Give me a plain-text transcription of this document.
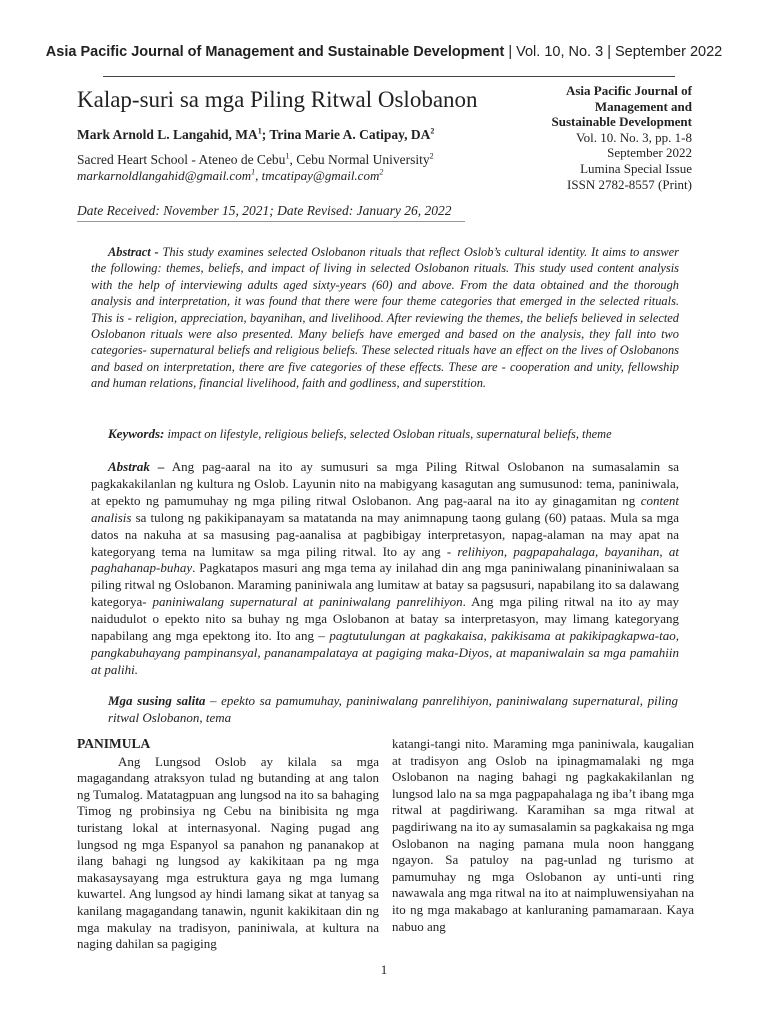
Asia Pacific Journal of Management and Sustainable Development | Vol. 10, No. 3 | September 2022
Kalap-suri sa mga Piling Ritwal Oslobanon
Mark Arnold L. Langahid, $MA^1$; Trina Marie A. Catipay, $DA^2$
Sacred Heart School - Ateneo de Cebu$^1$, Cebu Normal University$^2$
markarnoldlangahid@gmail.com$^1$, tmcatipay@gmail.com$^2$
Date Received: November 15, 2021; Date Revised: January 26, 2022
Asia Pacific Journal of
Management and
Sustainable Development
Vol. 10. No. 3, pp. 1-8
September 2022
Lumina Special Issue
ISSN 2782-8557 (Print)
Abstract - This study examines selected Oslobanon rituals that reflect Oslob’s cultural identity. It aims to answer the following: themes, beliefs, and impact of living in selected Oslobanon rituals. This study used content analysis with the help of interviewing adults aged sixty-years (60) and above. From the data obtained and the thorough analysis and interpretation, it was found that there were four theme categories that emerged in the selected rituals. This is - religion, appreciation, bayanihan, and livelihood. After reviewing the themes, the beliefs believed in selected Oslobanon rituals were also presented. Many beliefs have emerged and based on the analysis, they fall into two categories- supernatural beliefs and religious beliefs. These selected rituals have an effect on the lives of Oslobanons and based on interpretation, there are five categories of these effects. These are - cooperation and unity, fellowship and human relations, financial livelihood, faith and godliness, and superstition.
Keywords: impact on lifestyle, religious beliefs, selected Osloban rituals, supernatural beliefs, theme
Abstrak – Ang pag-aaral na ito ay sumusuri sa mga Piling Ritwal Oslobanon na sumasalamin sa pagkakakilanlan ng kultura ng Oslob. Layunin nito na mabigyang kasagutan ang sumusunod: tema, paniniwala, at epekto ng pamumuhay ng mga piling ritwal Oslobanon. Ang pag-aaral na ito ay ginagamitan ng content analisis sa tulong ng pakikipanayam sa matatanda na may animnapung taong gulang (60) pataas. Mula sa mga datos na nakuha at sa masusing pag-aanalisa at pagbibigay interpretasyon, napag-alaman na may apat na kategoryang tema na lumitaw sa mga piling ritwal. Ito ay ang - relihiyon, pagpapahalaga, bayanihan, at paghahanap-buhay. Pagkatapos masuri ang mga tema ay inilahad din ang mga paniniwalang pinaniniwalaan sa piling ritwal ng Oslobanon. Maraming paniniwala ang lumitaw at batay sa pagsusuri, napabilang ito sa dalawang kategorya- paniniwalang supernatural at paniniwalang panrelihiyon. Ang mga piling ritwal na ito ay may naidudulot o epekto nito sa buhay ng mga Oslobanon at batay sa interpretasyon, may limang kategoryang napabilang ang mga epektong ito. Ito ang – pagtutulungan at pagkakaisa, pakikisama at pakikipagkapwa-tao, pangkabuhayang pampinansyal, pananampalataya at pagiging maka-Diyos, at mapaniwalain sa mga pamahiin at palihi.
Mga susing salita – epekto sa pamumuhay, paniniwalang panrelihiyon, paniniwalang supernatural, piling ritwal Oslobanon, tema
PANIMULA
Ang Lungsod Oslob ay kilala sa mga magagandang atraksyon tulad ng butanding at ang talon ng Tumalog. Matatagpuan ang lungsod na ito sa bahaging Timog ng probinsiya ng Cebu na binibisita ng mga turistang lokal at internasyonal. Naging pugad ang lungsod ng mga Espanyol sa panahon ng pananakop at ilang bahagi ng lungsod ay kakikitaan pa ng mga makasaysayang mga estruktura gaya ng mga lumang kuwartel. Ang lungsod ay hindi lamang sikat at tanyag sa kanilang magagandang tanawin, ngunit kakikitaan din ng mga makulay na tradisyon, paniniwala, at kultura na naging dahilan sa pagiging
katangi-tangi nito. Maraming mga paniniwala, kaugalian at tradisyon ang Oslob na ipinagmamalaki ng mga Oslobanon na naging bahagi ng pagkakakilanlan ng lungsod lalo na sa mga pagpapahalaga ng iba’t ibang mga ritwal at pagdiriwang. Karamihan sa mga ritwal at pagdiriwang na ito ay sumasalamin sa pagkakaisa ng mga Oslobanon na naging pamana mula noon hanggang ngayon. Sa patuloy na pag-unlad ng turismo at pamumuhay ng mga Oslobanon ay unti-unti ring nawawala ang mga ritwal na ito at naimpluwensiyahan na ito ng mga makabago at kanluraning pamamaraan. Kaya nabuo ang
1
